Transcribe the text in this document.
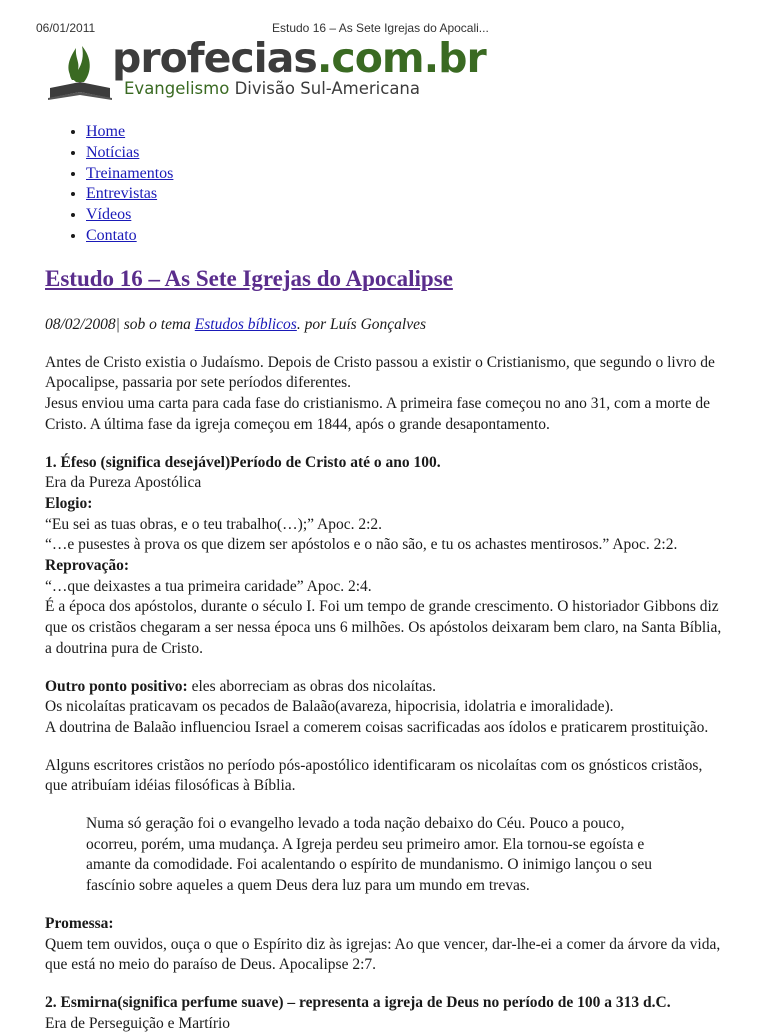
06/01/2011	Estudo 16 – As Sete Igrejas do Apocali...
profecias.com.br
Evangelismo Divisão Sul-Americana
• Home
• Notícias
• Treinamentos
• Entrevistas
• Vídeos
• Contato
Estudo 16 – As Sete Igrejas do Apocalipse

08/02/2008| sob o tema Estudos bíblicos. por Luís Gonçalves

Antes de Cristo existia o Judaísmo. Depois de Cristo passou a existir o Cristianismo, que segundo o livro de Apocalipse, passaria por sete períodos diferentes.

Jesus enviou uma carta para cada fase do cristianismo. A primeira fase começou no ano 31, com a morte de Cristo. A última fase da igreja começou em 1844, após o grande desapontamento.

1. Éfeso (significa desejável)Período de Cristo até o ano 100.

Era da Pureza Apostólica

Elogio:

“Eu sei as tuas obras, e o teu trabalho(…);” Apoc. 2:2.

“…e pusestes à prova os que dizem ser apóstolos e o não são, e tu os achastes mentirosos.” Apoc. 2:2.

Reprovação:

“…que deixastes a tua primeira caridade” Apoc. 2:4.

É a época dos apóstolos, durante o século I. Foi um tempo de grande crescimento. O historiador Gibbons diz que os cristãos chegaram a ser nessa época uns 6 milhões. Os apóstolos deixaram bem claro, na Santa Bíblia, a doutrina pura de Cristo.

Outro ponto positivo: eles aborreciam as obras dos nicolaítas.

Os nicolaítas praticavam os pecados de Balaão(avareza, hipocrisia, idolatria e imoralidade).

A doutrina de Balaão influenciou Israel a comerem coisas sacrificadas aos ídolos e praticarem prostituição.

Alguns escritores cristãos no período pós-apostólico identificaram os nicolaítas com os gnósticos cristãos, que atribuíam idéias filosóficas à Bíblia.

Numa só geração foi o evangelho levado a toda nação debaixo do Céu. Pouco a pouco, ocorreu, porém, uma mudança. A Igreja perdeu seu primeiro amor. Ela tornou-se egoísta e amante da comodidade. Foi acalentando o espírito de mundanismo. O inimigo lançou o seu fascínio sobre aqueles a quem Deus dera luz para um mundo em trevas.

Promessa:

Quem tem ouvidos, ouça o que o Espírito diz às igrejas: Ao que vencer, dar-lhe-ei a comer da árvore da vida, que está no meio do paraíso de Deus. Apocalipse 2:7.

2. Esmirna(significa perfume suave) – representa a igreja de Deus no período de 100 a 313 d.C.

Era de Perseguição e Martírio
